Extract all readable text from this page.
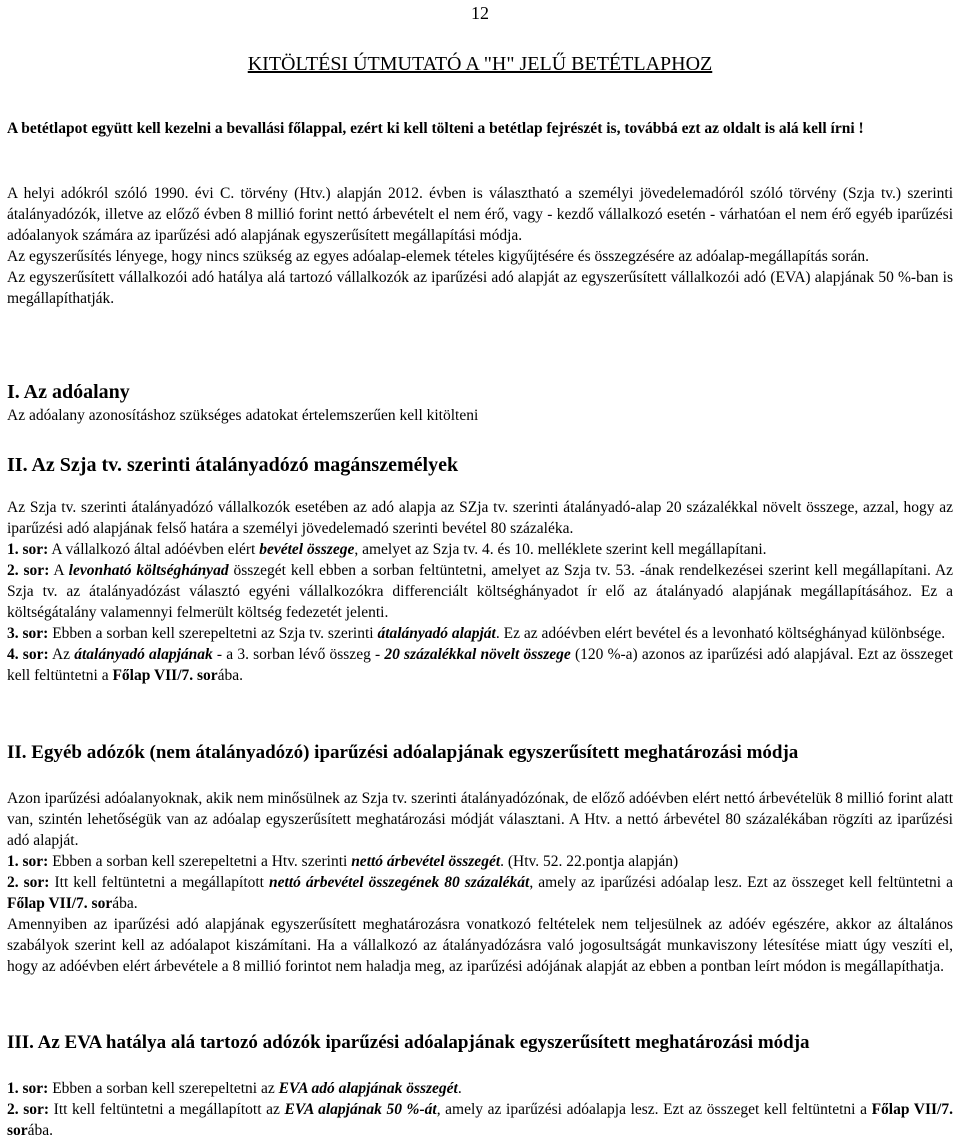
12
KITÖLTÉSI ÚTMUTATÓ A "H" JELŰ BETÉTLAPHOZ

A betétlapot együtt kell kezelni a bevallási főlappal, ezért ki kell tölteni a betétlap fejrészét is, továbbá ezt az oldalt is alá kell írni !

A helyi adókról szóló 1990. évi C. törvény (Htv.) alapján 2012. évben is választható a személyi jövedelemadóról szóló törvény (Szja tv.) szerinti átalányadózók, illetve az előző évben 8 millió forint nettó árbevételt el nem érő, vagy - kezdő vállalkozó esetén - várhatóan el nem érő egyéb iparűzési adóalanyok számára az iparűzési adó alapjának egyszerűsített megállapítási módja.

Az egyszerűsítés lényege, hogy nincs szükség az egyes adóalap-elemek tételes kigyűjtésére és összegzésére az adóalap-megállapítás során.

Az egyszerűsített vállalkozói adó hatálya alá tartozó vállalkozók az iparűzési adó alapját az egyszerűsített vállalkozói adó (EVA) alapjának 50 %-ban is megállapíthatják.

I. Az adóalany

Az adóalany azonosításhoz szükséges adatokat értelemszerűen kell kitölteni

II. Az Szja tv. szerinti átalányadózó magánszemélyek

Az Szja tv. szerinti átalányadózó vállalkozók esetében az adó alapja az SZja tv. szerinti átalányadó-alap 20 százalékkal növelt összege, azzal, hogy az iparűzési adó alapjának felső határa a személyi jövedelemadó szerinti bevétel 80 százaléka.

1. sor: A vállalkozó által adóévben elért bevétel összege, amelyet az Szja tv. 4. és 10. melléklete szerint kell megállapítani.

2. sor: A levonható költséghányad összegét kell ebben a sorban feltüntetni, amelyet az Szja tv. 53. -ának rendelkezései szerint kell megállapítani. Az Szja tv. az átalányadózást választó egyéni vállalkozókra differenciált költséghányadot ír elő az átalányadó alapjának megállapításához. Ez a költségátalány valamennyi felmerült költség fedezetét jelenti.

3. sor: Ebben a sorban kell szerepeltetni az Szja tv. szerinti átalányadó alapját. Ez az adóévben elért bevétel és a levonható költséghányad különbsége.

4. sor: Az átalányadó alapjának - a 3. sorban lévő összeg - 20 százalékkal növelt összege (120 %-a) azonos az iparűzési adó alapjával. Ezt az összeget kell feltüntetni a Főlap VII/7. sorába.

II. Egyéb adózók (nem átalányadózó) iparűzési adóalapjának egyszerűsített meghatározási módja

Azon iparűzési adóalanyoknak, akik nem minősülnek az Szja tv. szerinti átalányadózónak, de előző adóévben elért nettó árbevételük 8 millió forint alatt van, szintén lehetőségük van az adóalap egyszerűsített meghatározási módját választani. A Htv. a nettó árbevétel 80 százalékában rögzíti az iparűzési adó alapját.

1. sor: Ebben a sorban kell szerepeltetni a Htv. szerinti nettó árbevétel összegét. (Htv. 52. 22.pontja alapján)

2. sor: Itt kell feltüntetni a megállapított nettó árbevétel összegének 80 százalékát, amely az iparűzési adóalap lesz. Ezt az összeget kell feltüntetni a Főlap VII/7. sorába.

Amennyiben az iparűzési adó alapjának egyszerűsített meghatározásra vonatkozó feltételek nem teljesülnek az adóév egészére, akkor az általános szabályok szerint kell az adóalapot kiszámítani. Ha a vállalkozó az átalányadózásra való jogosultságát munkaviszony létesítése miatt úgy veszíti el, hogy az adóévben elért árbevétele a 8 millió forintot nem haladja meg, az iparűzési adójának alapját az ebben a pontban leírt módon is megállapíthatja.

III. Az EVA hatálya alá tartozó adózók iparűzési adóalapjának egyszerűsített meghatározási módja

1. sor: Ebben a sorban kell szerepeltetni az EVA adó alapjának összegét.

2. sor: Itt kell feltüntetni a megállapított az EVA alapjának 50 %-át, amely az iparűzési adóalapja lesz. Ezt az összeget kell feltüntetni a Főlap VII/7. sorába.
